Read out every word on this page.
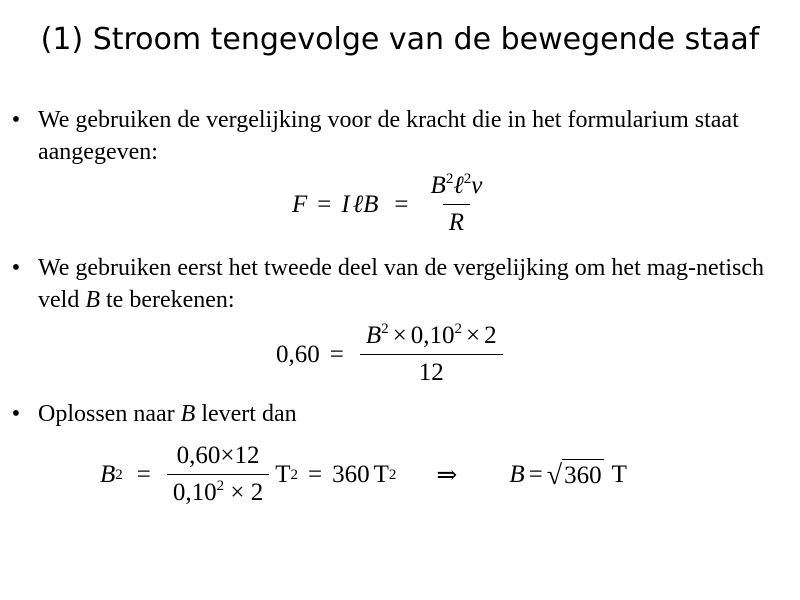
(1) Stroom tengevolge van de bewegende staaf
• We gebruiken de vergelijking voor de kracht die in het formularium staat aangegeven:
F = I ℓ $B = \frac{B^2\ell^2v}{R}$
• We gebruiken eerst het tweede deel van de vergelijking om het mag-netisch veld B te berekenen:
$0,60 = \frac{B^2 \times 0,10^2 \times 2}{12}$
• Oplossen naar B levert dan
B $2 = \frac{0,60\times 12}{0,10^2 \times 2}$ T 2 = 360 T 2 ⇒ B = √ 360 T
